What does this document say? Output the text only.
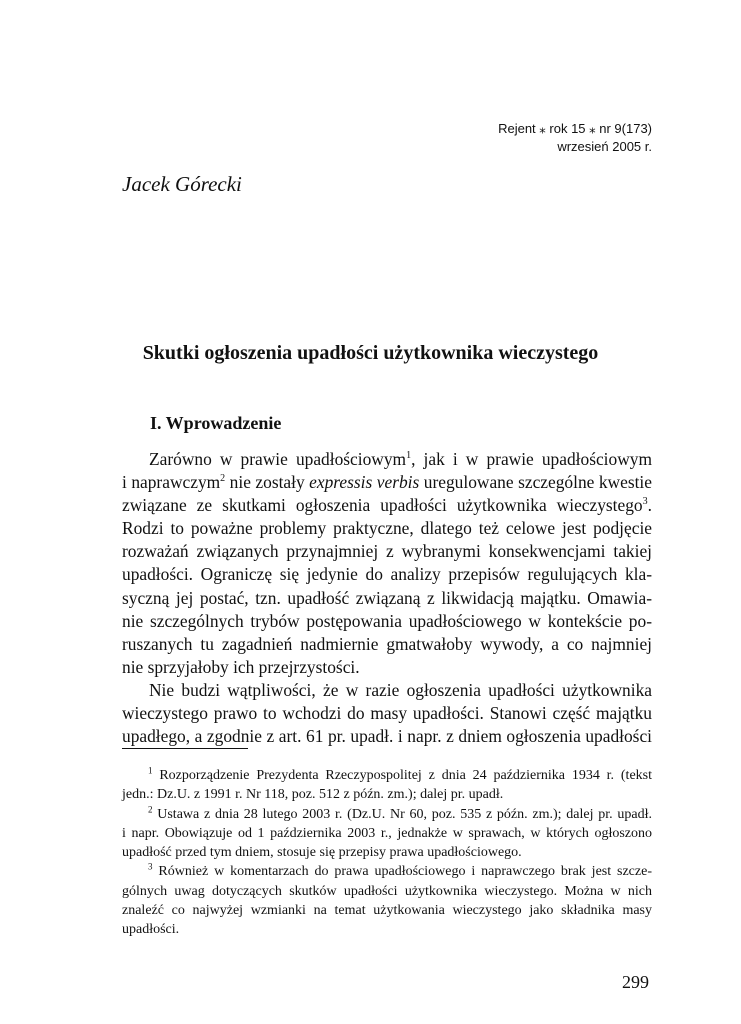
Rejent ⁎ rok 15 ⁎ nr 9(173)
wrzesień 2005 r.
Jacek Górecki
Skutki ogłoszenia upadłości użytkownika wieczystego
I. Wprowadzenie
Zarówno w prawie upadłościowym$^1$, jak i w prawie upadłościowym
i naprawczym$^2$ nie zostały expressis verbis uregulowane szczególne kwestie
związane ze skutkami ogłoszenia upadłości użytkownika wieczystego$^3$.
Rodzi to poważne problemy praktyczne, dlatego też celowe jest podjęcie
rozważań związanych przynajmniej z wybranymi konsekwencjami takiej
upadłości. Ograniczę się jedynie do analizy przepisów regulujących kla-
syczną jej postać, tzn. upadłość związaną z likwidacją majątku. Omawia-
nie szczególnych trybów postępowania upadłościowego w kontekście po-
ruszanych tu zagadnień nadmiernie gmatwałoby wywody, a co najmniej
nie sprzyjałoby ich przejrzystości.
Nie budzi wątpliwości, że w razie ogłoszenia upadłości użytkownika
wieczystego prawo to wchodzi do masy upadłości. Stanowi część majątku
upadłego, a zgodnie z art. 61 pr. upadł. i napr. z dniem ogłoszenia upadłości
$^1$ Rozporządzenie Prezydenta Rzeczypospolitej z dnia 24 października 1934 r. (tekst
jedn.: Dz.U. z 1991 r. Nr 118, poz. 512 z późn. zm.); dalej pr. upadł.
$^2$ Ustawa z dnia 28 lutego 2003 r. (Dz.U. Nr 60, poz. 535 z późn. zm.); dalej pr. upadł.
i napr. Obowiązuje od 1 października 2003 r., jednakże w sprawach, w których ogłoszono
upadłość przed tym dniem, stosuje się przepisy prawa upadłościowego.
$^3$ Również w komentarzach do prawa upadłościowego i naprawczego brak jest szcze-
gólnych uwag dotyczących skutków upadłości użytkownika wieczystego. Można w nich
znaleźć co najwyżej wzmianki na temat użytkowania wieczystego jako składnika masy
upadłości.
299
